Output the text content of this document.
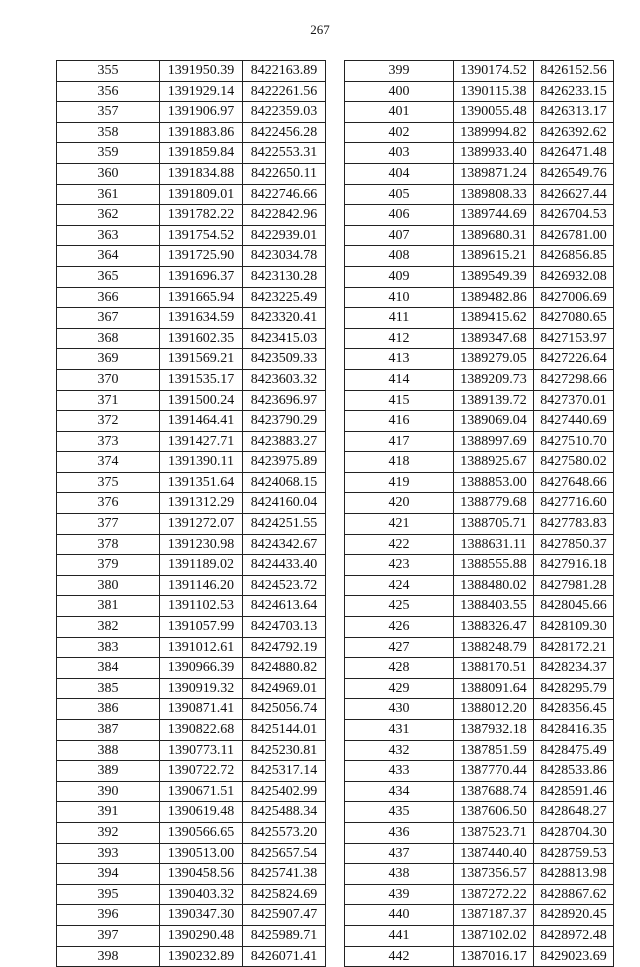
267
355	1391950.39	8422163.89
356	1391929.14	8422261.56
357	1391906.97	8422359.03
358	1391883.86	8422456.28
359	1391859.84	8422553.31
360	1391834.88	8422650.11
361	1391809.01	8422746.66
362	1391782.22	8422842.96
363	1391754.52	8422939.01
364	1391725.90	8423034.78
365	1391696.37	8423130.28
366	1391665.94	8423225.49
367	1391634.59	8423320.41
368	1391602.35	8423415.03
369	1391569.21	8423509.33
370	1391535.17	8423603.32
371	1391500.24	8423696.97
372	1391464.41	8423790.29
373	1391427.71	8423883.27
374	1391390.11	8423975.89
375	1391351.64	8424068.15
376	1391312.29	8424160.04
377	1391272.07	8424251.55
378	1391230.98	8424342.67
379	1391189.02	8424433.40
380	1391146.20	8424523.72
381	1391102.53	8424613.64
382	1391057.99	8424703.13
383	1391012.61	8424792.19
384	1390966.39	8424880.82
385	1390919.32	8424969.01
386	1390871.41	8425056.74
387	1390822.68	8425144.01
388	1390773.11	8425230.81
389	1390722.72	8425317.14
390	1390671.51	8425402.99
391	1390619.48	8425488.34
392	1390566.65	8425573.20
393	1390513.00	8425657.54
394	1390458.56	8425741.38
395	1390403.32	8425824.69
396	1390347.30	8425907.47
397	1390290.48	8425989.71
398	1390232.89	8426071.41
399	1390174.52	8426152.56
400	1390115.38	8426233.15
401	1390055.48	8426313.17
402	1389994.82	8426392.62
403	1389933.40	8426471.48
404	1389871.24	8426549.76
405	1389808.33	8426627.44
406	1389744.69	8426704.53
407	1389680.31	8426781.00
408	1389615.21	8426856.85
409	1389549.39	8426932.08
410	1389482.86	8427006.69
411	1389415.62	8427080.65
412	1389347.68	8427153.97
413	1389279.05	8427226.64
414	1389209.73	8427298.66
415	1389139.72	8427370.01
416	1389069.04	8427440.69
417	1388997.69	8427510.70
418	1388925.67	8427580.02
419	1388853.00	8427648.66
420	1388779.68	8427716.60
421	1388705.71	8427783.83
422	1388631.11	8427850.37
423	1388555.88	8427916.18
424	1388480.02	8427981.28
425	1388403.55	8428045.66
426	1388326.47	8428109.30
427	1388248.79	8428172.21
428	1388170.51	8428234.37
429	1388091.64	8428295.79
430	1388012.20	8428356.45
431	1387932.18	8428416.35
432	1387851.59	8428475.49
433	1387770.44	8428533.86
434	1387688.74	8428591.46
435	1387606.50	8428648.27
436	1387523.71	8428704.30
437	1387440.40	8428759.53
438	1387356.57	8428813.98
439	1387272.22	8428867.62
440	1387187.37	8428920.45
441	1387102.02	8428972.48
442	1387016.17	8429023.69
